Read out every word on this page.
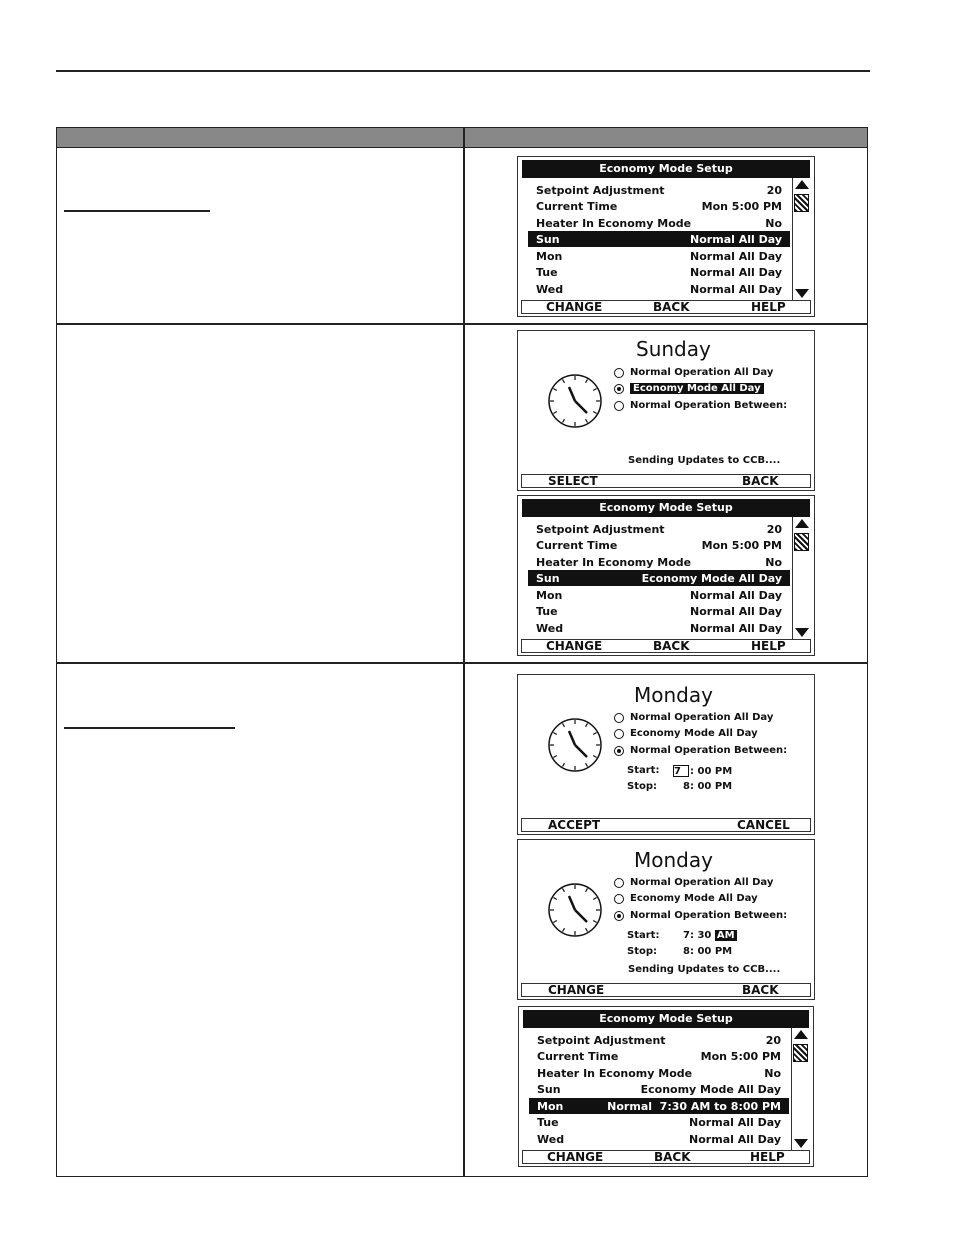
Economy Mode Setup
Setpoint Adjustment	20
Current Time	Mon 5:00 PM
Heater In Economy Mode	No
Sun	Normal All Day
Mon	Normal All Day
Tue	Normal All Day
Wed	Normal All Day
CHANGE	BACK	HELP
Sunday
Normal Operation All Day
Economy Mode All Day
Normal Operation Between:
Sending Updates to CCB....
SELECT	BACK
Economy Mode Setup
Setpoint Adjustment	20
Current Time	Mon 5:00 PM
Heater In Economy Mode	No
Sun	Economy Mode All Day
Mon	Normal All Day
Tue	Normal All Day
Wed	Normal All Day
CHANGE	BACK	HELP
Monday
Normal Operation All Day
Economy Mode All Day
Normal Operation Between:
Start: 7 : 00 PM
Stop:	8: 00 PM
ACCEPT	CANCEL
Monday
Normal Operation All Day
Economy Mode All Day
Normal Operation Between:
Start: 7: 30 AM
Stop:	8: 00 PM
Sending Updates to CCB....
CHANGE	BACK
Economy Mode Setup
Setpoint Adjustment	20
Current Time	Mon 5:00 PM
Heater In Economy Mode	No
Sun	Economy Mode All Day
Mon	Normal  7:30 AM to 8:00 PM
Tue	Normal All Day
Wed	Normal All Day
CHANGE	BACK	HELP
